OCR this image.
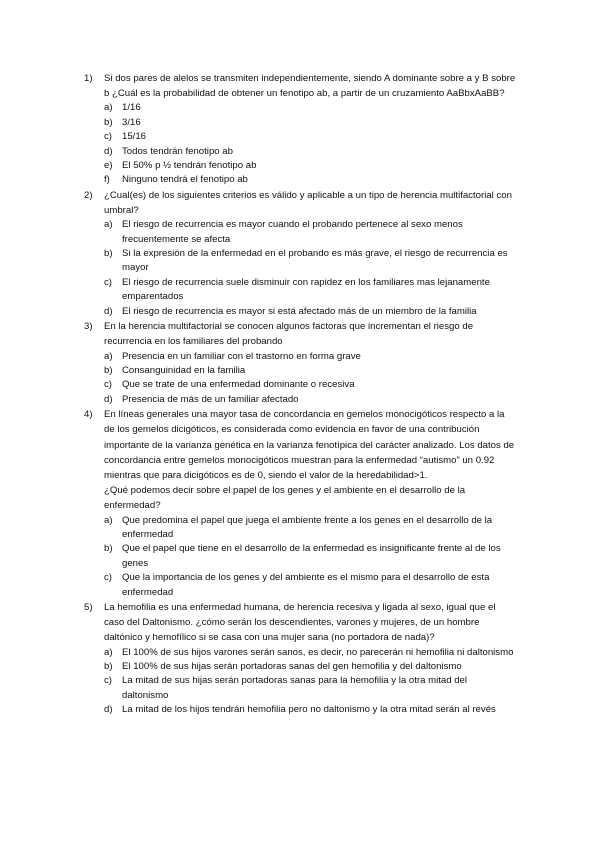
1) Si dos pares de alelos se transmiten independientemente, siendo A dominante sobre a y B sobre b ¿Cuál es la probabilidad de obtener un fenotipo ab, a partir de un cruzamiento AaBbxAaBB?

a) 1/16
b) 3/16
c) 15/16
d) Todos tendrán fenotipo ab
e) El 50% p ½ tendrán fenotipo ab
f) Ninguno tendrá el fenotipo ab
2) ¿Cual(es) de los siguientes criterios es válido y aplicable a un tipo de herencia multifactorial con umbral?

a) El riesgo de recurrencia es mayor cuando el probando pertenece al sexo menos frecuentemente se afecta
b) Si la expresión de la enfermedad en el probando es más grave, el riesgo de recurrencia es mayor
c) El riesgo de recurrencia suele disminuir con rapidez en los familiares mas lejanamente emparentados
d) El riesgo de recurrencia es mayor si está afectado más de un miembro de la familia
3) En la herencia multifactorial se conocen algunos factoras que incrementan el riesgo de recurrencia en los familiares del probando

a) Presencia en un familiar con el trastorno en forma grave
b) Consanguinidad en la familia
c) Que se trate de una enfermedad dominante o recesiva
d) Presencia de más de un familiar afectado
4) En líneas generales una mayor tasa de concordancia en gemelos monocigóticos respecto a la de los gemelos dicigóticos, es considerada como evidencia en favor de una contribución importante de la varianza genética en la varianza fenotípica del carácter analizado. Los datos de concordancia entre gemelos monocigóticos muestran para la enfermedad “autismo” un 0.92 mientras que para dicigóticos es de 0, siendo el valor de la heredabilidad>1.

¿Qué podemos decir sobre el papel de los genes y el ambiente en el desarrollo de la enfermedad?

a) Que predomina el papel que juega el ambiente frente a los genes en el desarrollo de la enfermedad
b) Que el papel que tiene en el desarrollo de la enfermedad es insignificante frente al de los genes
c) Que la importancia de los genes y del ambiente es el mismo para el desarrollo de esta enfermedad
5) La hemofilia es una enfermedad humana, de herencia recesiva y ligada al sexo, igual que el caso del Daltonismo. ¿cómo serán los descendientes, varones y mujeres, de un hombre daltónico y hemofílico si se casa con una mujer sana (no portadora de nada)?

a) El 100% de sus hijos varones serán sanos, es decir, no parecerán ni hemofilia ni daltonismo
b) El 100% de sus hijas serán portadoras sanas del gen hemofilia y del daltonismo
c) La mitad de sus hijas serán portadoras sanas para la hemofilia y la otra mitad del daltonismo
d) La mitad de los hijos tendrán hemofilia pero no daltonismo y la otra mitad serán al revés
